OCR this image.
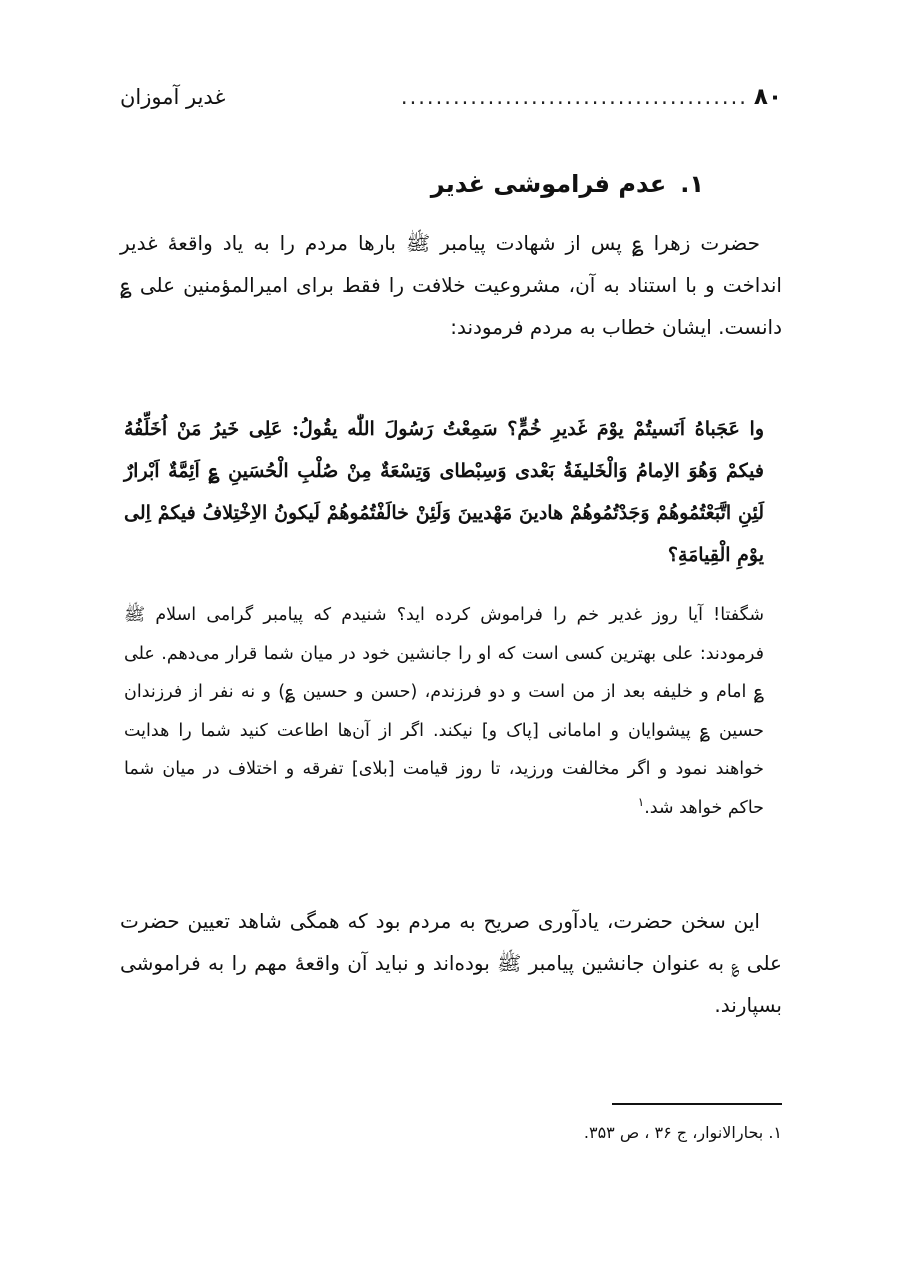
۸۰
........................................
غدیر آموزان
۱.عدم فراموشی غدیر

حضرت زهرا ؏ پس از شهادت پیامبر ﷺ بارها مردم را به یاد واقعهٔ غدیر انداخت و با استناد به آن، مشروعیت خلافت را فقط برای امیرالمؤمنین علی ؏ دانست. ایشان خطاب به مردم فرمودند:

وا عَجَباهُ اَنَسیتُمْ یوْمَ غَدیرِ خُمٍّ؟ سَمِعْتُ رَسُولَ اللّٰه یقُولُ: عَلِی خَیرُ مَنْ اُخَلِّفُهُ فیکمْ وَهُوَ الاِمامُ وَالْخَلیفَةُ بَعْدی وَسِبْطای وَتِسْعَةٌ مِنْ صُلْبِ الْحُسَینِ ؏ اَئِمَّةٌ اَبْرارٌ لَئِنِ اتَّبَعْتُمُوهُمْ وَجَدْتُمُوهُمْ هادینَ مَهْدیینَ وَلَئِنْ خالَفْتُمُوهُمْ لَیکونُ الاِخْتِلافُ فیکمْ اِلی یوْمِ الْقِیامَةِ؟

شگفتا! آیا روز غدیر خم را فراموش کرده اید؟ شنیدم که پیامبر گرامی اسلام ﷺ فرمودند: علی بهترین کسی است که او را جانشین خود در میان شما قرار می‌دهم. علی ؏ امام و خلیفه بعد از من است و دو فرزندم، (حسن و حسین ؏) و نه نفر از فرزندان حسین ؏ پیشوایان و امامانی [پاک و] نیکند. اگر از آن‌ها اطاعت کنید شما را هدایت خواهند نمود و اگر مخالفت ورزید، تا روز قیامت [بلای] تفرقه و اختلاف در میان شما حاکم خواهد شد.$^۱$

این سخن حضرت، یادآوری صریح به مردم بود که همگی شاهد تعیین حضرت علی ؏ به عنوان جانشین پیامبر ﷺ بوده‌اند و نباید آن واقعهٔ مهم را به فراموشی بسپارند.

۱. بحارالانوار، ج ۳۶ ، ص ۳۵۳.
